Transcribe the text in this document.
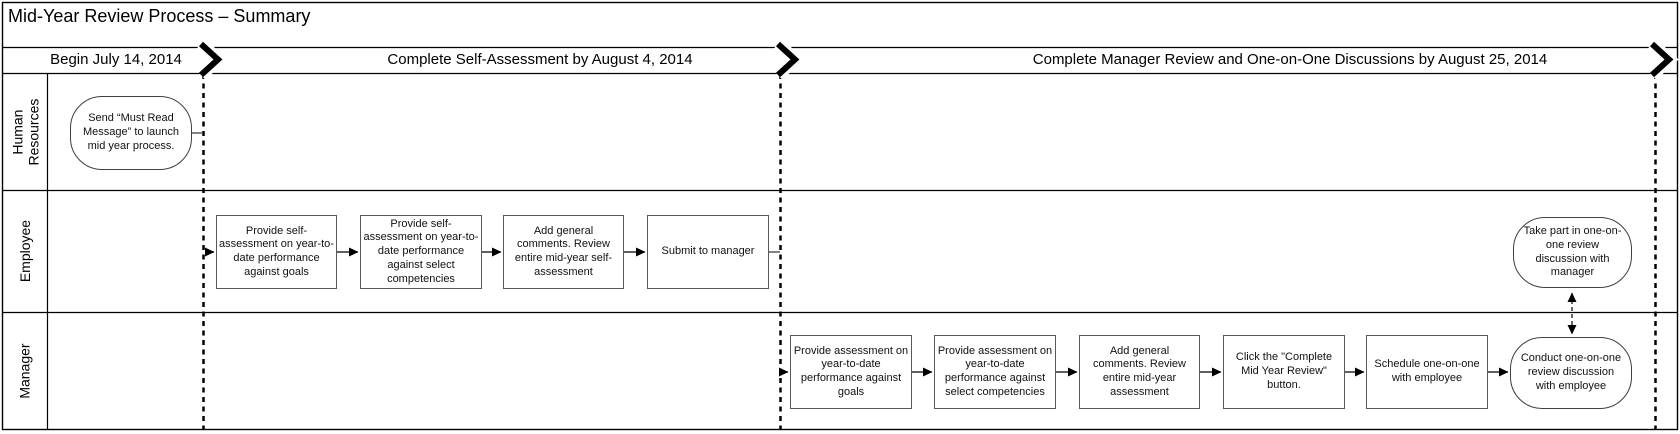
Mid-Year Review Process – Summary
Begin July 14, 2014	Complete Self-Assessment by August 4, 2014	Complete Manager Review and One-on-One Discussions by August 25, 2014
Human Resources
Employee
Manager
Send “Must Read Message” to launch mid year process.
Provide self-assessment on year-to-date performance against goals
Provide self-assessment on year-to-date performance against select competencies
Add general comments. Review entire mid-year self-assessment
Submit to manager
Take part in one-on-one review discussion with manager
Provide assessment on year-to-date performance against goals
Provide assessment on year-to-date performance against select competencies
Add general comments. Review entire mid-year assessment
Click the "Complete Mid Year Review" button.
Schedule one-on-one with employee
Conduct one-on-one review discussion with employee
